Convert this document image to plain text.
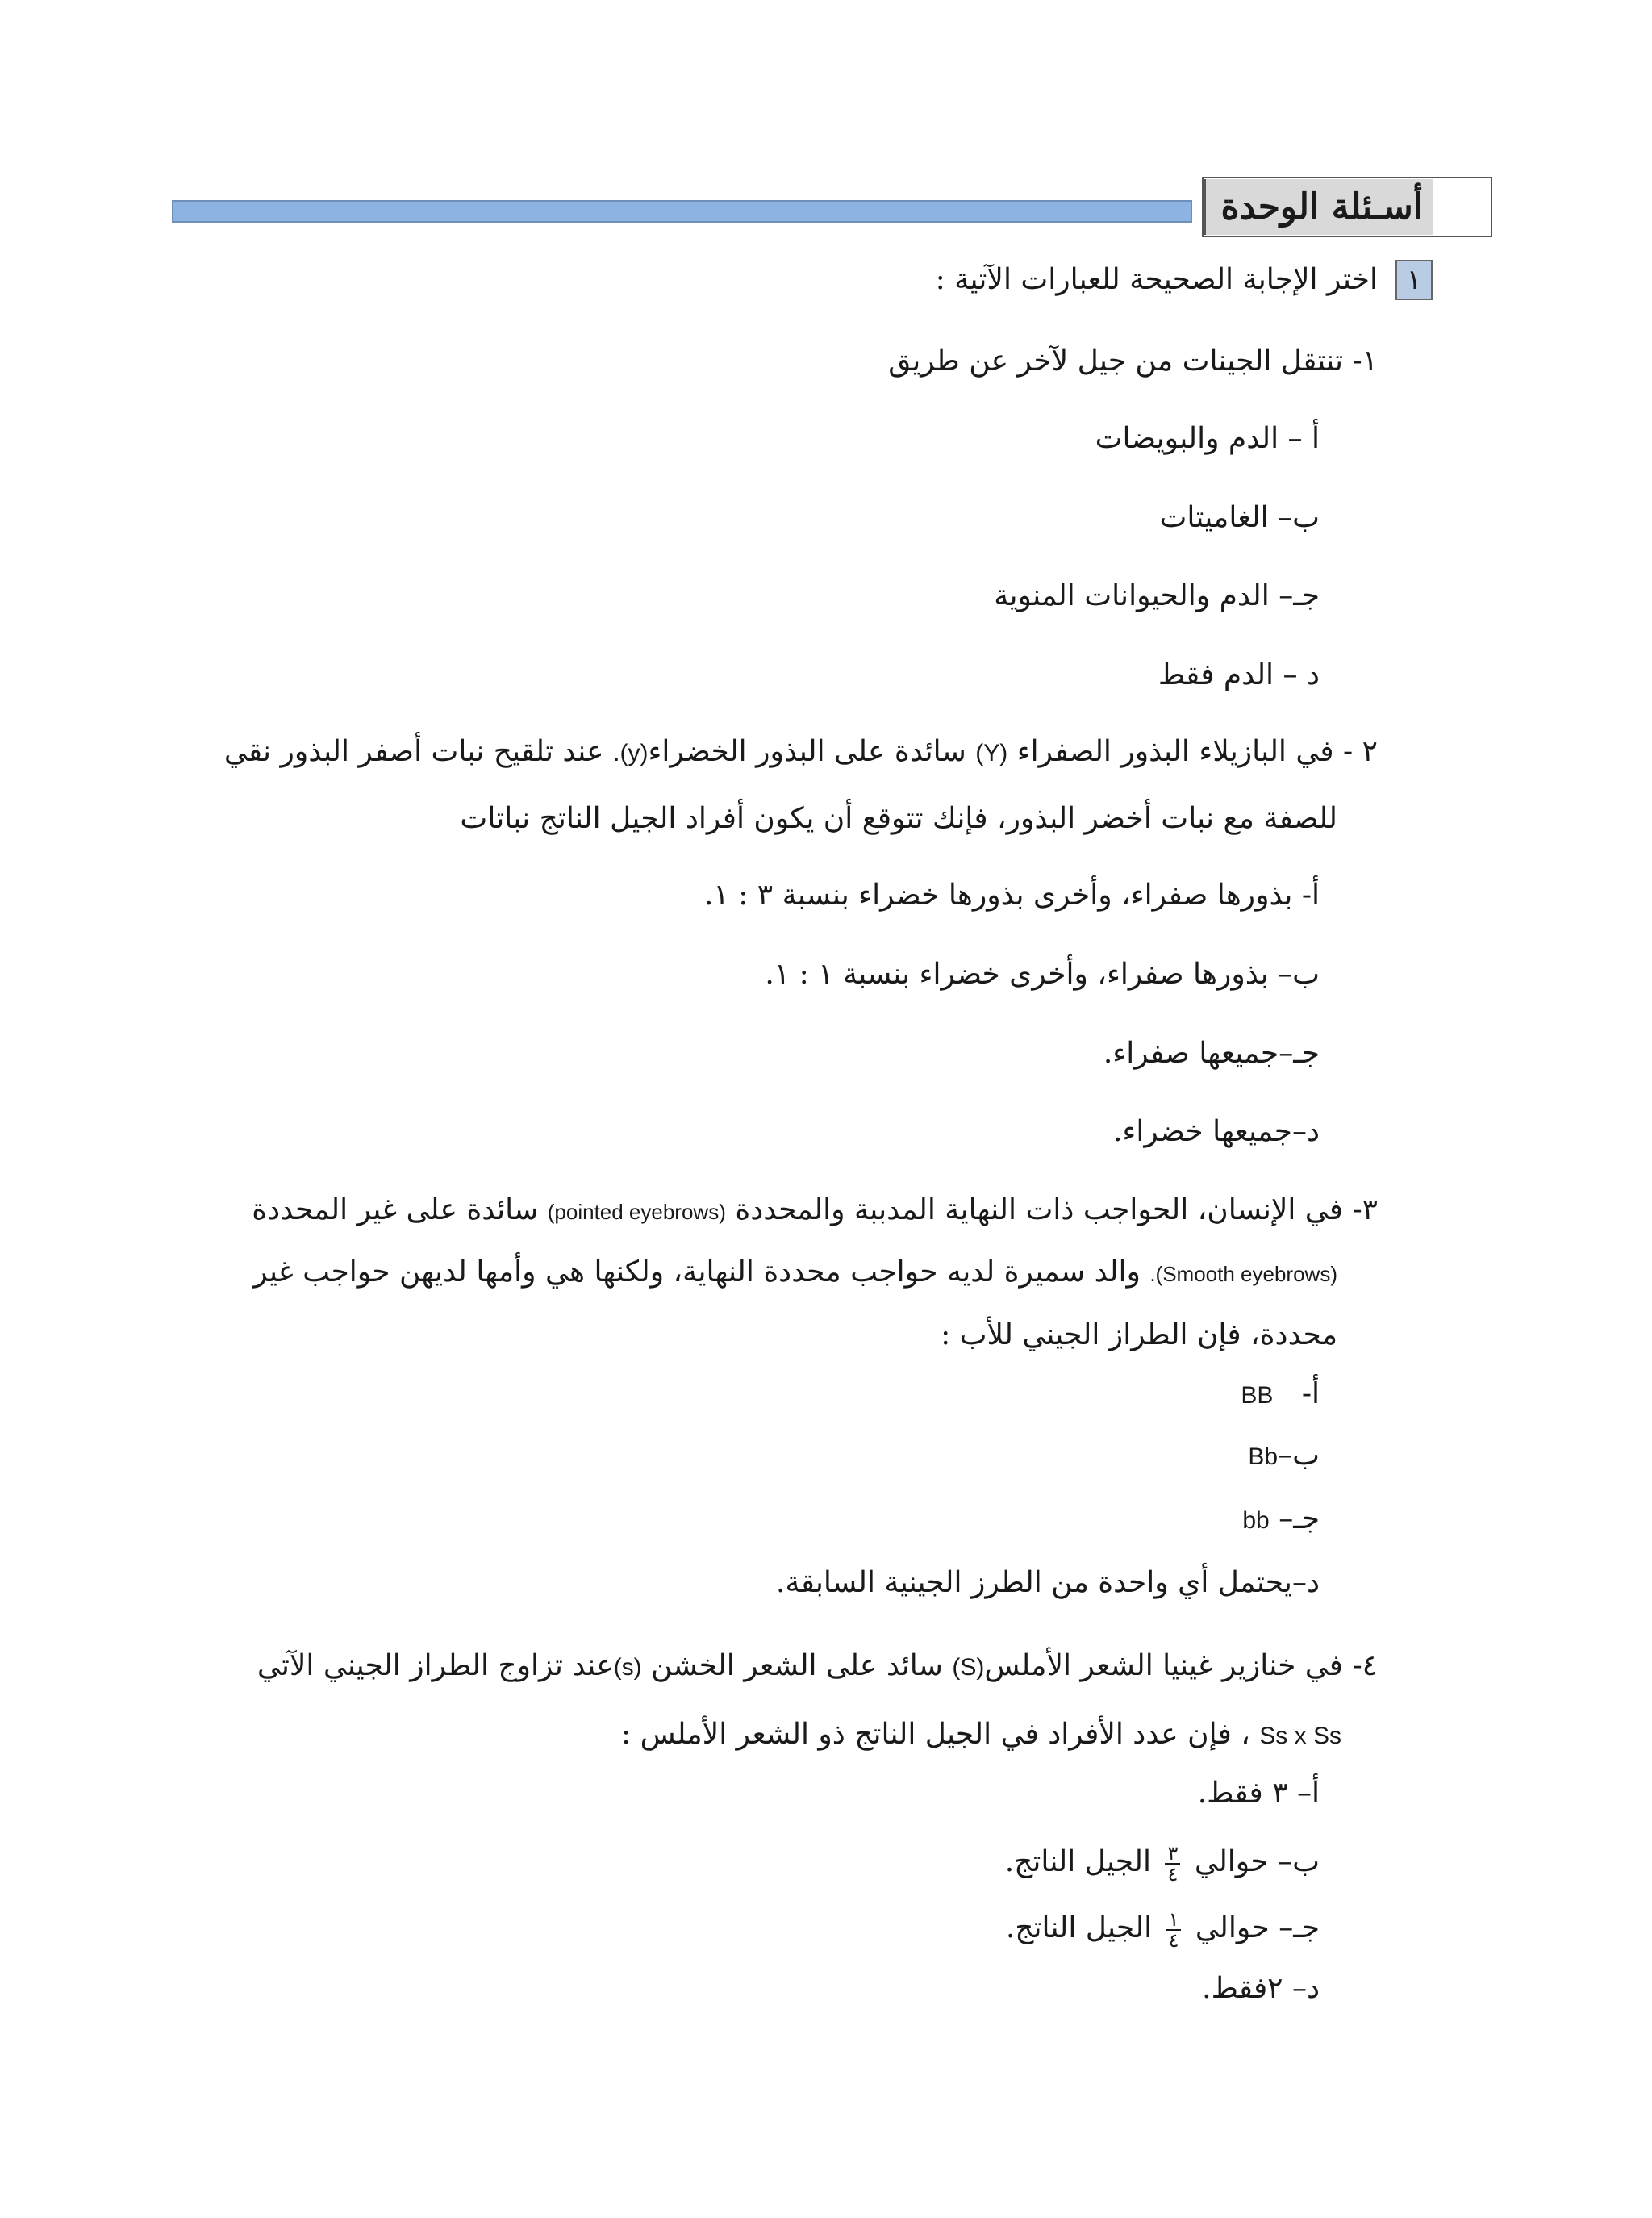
أسـئلة الوحدة
١
اختر الإجابة الصحيحة للعبارات الآتية :
١- تنتقل الجينات من جيل لآخر عن طريق
أ – الدم والبويضات
ب– الغاميتات
جـ– الدم والحيوانات المنوية
د – الدم فقط
٢ - في البازيلاء البذور الصفراء (Y) سائدة على البذور الخضراء(y). عند تلقيح نبات أصفر البذور نقي
للصفة مع نبات أخضر البذور، فإنك تتوقع أن يكون أفراد الجيل الناتج نباتات
أ- بذورها صفراء، وأخرى بذورها خضراء بنسبة ٣ : ١.
ب– بذورها صفراء، وأخرى خضراء بنسبة ١ : ١.
جـ–جميعها صفراء.
د–جميعها خضراء.
٣- في الإنسان، الحواجب ذات النهاية المدببة والمحددة (pointed eyebrows) سائدة على غير المحددة
(Smooth eyebrows). والد سميرة لديه حواجب محددة النهاية، ولكنها هي وأمها لديهن حواجب غير
محددة، فإن الطراز الجيني للأب :
أ- BB
ب–Bb
جـ– bb
د–يحتمل أي واحدة من الطرز الجينية السابقة.
٤- في خنازير غينيا الشعر الأملس(S) سائد على الشعر الخشن (s)عند تزاوج الطراز الجيني الآتي
Ss x Ss ، فإن عدد الأفراد في الجيل الناتج ذو الشعر الأملس :
أ– ٣ فقط.
ب– حوالي
$\frac{٣}{٤}$
الجيل الناتج.
جـ– حوالي
$\frac{١}{٤}$
الجيل الناتج.
د– ٢فقط.
